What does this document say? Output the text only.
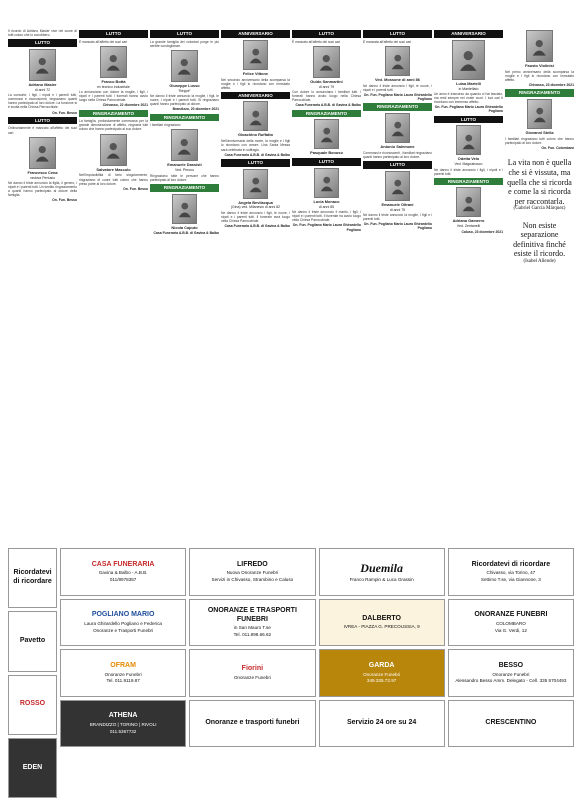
Il ricordo di Adriano Masier vive nel cuore di tutti coloro che lo conobbero.
LUTTO
Adriano Masier
di anni 72
La consorte, i figli, i nipoti e i parenti tutti, commossi e riconoscenti, ringraziano quanti hanno partecipato al loro dolore. La funzione si è svolta nella Chiesa Parrocchiale.
On. Fun. Besso
LUTTO
Ordinariamente è mancato all'affetto dei suoi cari
Francesco Cena
vedova Pertusio
Ne danno il triste annuncio la figlia, il genero, i nipoti e i parenti tutti. Un sentito ringraziamento a quanti hanno partecipato al dolore della famiglia.
On. Fun. Besso
LUTTO
È mancato all'affetto dei suoi cari
Franco Bottà
ex tecnico industriale
Lo annunciano con dolore la moglie, i figli, i nipoti e i parenti tutti. I funerali hanno avuto luogo nella Chiesa Parrocchiale.
Chivasso, 22 dicembre 2021
RINGRAZIAMENTO
La famiglia, profondamente commossa per la grande dimostrazione di affetto, ringrazia tutti coloro che hanno partecipato al suo dolore.
Salvatore Mascolo
Nell'impossibilità di farlo singolarmente, ringraziano di cuore tutti coloro che hanno preso parte al loro dolore.
On. Fun. Besso
LUTTO
La grande famiglia dei volontari porge le più sentite condoglianze.
Giuseppe Lusso
"Beppe"
Ne danno il triste annuncio la moglie, i figli, le nuore, i nipoti e i parenti tutti. Si ringraziano quanti hanno partecipato al dolore.
Brandizzo, 20 dicembre 2021
RINGRAZIAMENTO
I familiari ringraziano
Emanuele Dassisti
Ved. Pirroco
Ringraziano tutte le persone che hanno partecipato al loro dolore.
RINGRAZIAMENTO
Nicola Caputo
Casa Funeraria A.B.B. di Gavina & Balbo
ANNIVERSARIO
Felice Vittone
Nel secondo anniversario della scomparsa la moglie e i figli lo ricordano con immutato affetto.
ANNIVERSARIO
Gioachino Ruffatto
Nell'anniversario della morte, la moglie e i figli lo ricordano con amore. Una Santa Messa sarà celebrata in suffragio.
Casa Funeraria A.B.B. di Gavina & Balbo
LUTTO
Angela Bevilacqua
(Gina) ved. Milanesio di anni 82
Ne danno il triste annuncio i figli, le nuore, i nipoti e i parenti tutti. Il funerale avrà luogo nella Chiesa Parrocchiale.
Casa Funeraria A.B.B. di Gavina & Balbo
LUTTO
È mancato all'affetto dei suoi cari
Guido Sanmartini
di anni 79
Con dolore lo annunciano i familiari tutti. I funerali hanno avuto luogo nella Chiesa Parrocchiale.
Casa Funeraria A.B.B. di Gavina & Balbo
RINGRAZIAMENTO
Pasquale Bonuso
LUTTO
Lucia Monaco
di anni 85
Ne danno il triste annuncio il marito, i figli, i nipoti e i parenti tutti. Il funerale ha avuto luogo nella Chiesa Parrocchiale.
On. Fun. Pogliano Mario Laura Ghirardello Pogliano
LUTTO
È mancata all'affetto dei suoi cari
Ved. Mossone di anni 86
Ne danno il triste annuncio i figli, le nuore, i nipoti e i parenti tutti.
On. Fun. Pogliano Mario Laura Ghirardello Pogliano
RINGRAZIAMENTO
Antonio Salemone
Commossi e riconoscenti, i familiari ringraziano quanti hanno partecipato al loro dolore.
LUTTO
Emanuele Oltrani
di anni 75
Ne danno il triste annuncio la moglie, i figli e i parenti tutti.
On. Fun. Pogliano Mario Laura Ghirardello Pogliano
ANNIVERSARIO
Luisa Martelli
in Mantellato
Un anno è trascorso da quando ci hai lasciato, ma resti sempre nei nostri cuori. I tuoi cari ti ricordano con immenso affetto.
On. Fun. Pogliano Mario Laura Ghirardello Pogliano
LUTTO
Odetta Velo
Ved. Magnabosco
Ne danno il triste annuncio i figli, i nipoti e i parenti tutti.
RINGRAZIAMENTO
Adriana Gamerro
Ved. Zentanelli
Caluso, 23 dicembre 2021
Fausto Violinisi
Nel primo anniversario della scomparsa la moglie e i figli lo ricordano con immutato affetto.
Chivasso, 23 dicembre 2021
RINGRAZIAMENTO
Giovanni Stella
I familiari ringraziano tutti coloro che hanno partecipato al loro dolore.
On. Fun. Colombaro
La vita non è quella che si è vissuta, ma quella che si ricorda e come la si ricorda per raccontarla.
(Gabriel García Márquez)
Non esiste separazione definitiva finché esiste il ricordo.
(Isabel Allende)
Ricordatevi di ricordare
Pavetto
ROSSO
EDEN
CASA FUNERARIA
Gavina & Balbo - A.B.B.
011/8978357
LIFREDO
Nuova Onoranze Funebri
Servizi in Chivasso, Strambino e Caluso
Duemila
Franco Rampin & Luca Grassin
Ricordatevi di ricordare
Chivasso, via Torino, 47
Settimo T.se, via Giannone, 3
POGLIANO MARIO
Laura Ghirardello Pogliano e Federica
Onoranze e Trasporti Funebri
ONORANZE E TRASPORTI FUNEBRI
in San Mauro T.se
Tel. 011.898.66.62
DALBERTO
IVREA - PIAZZA G. PRECOUSSIA, 9
ONORANZE FUNEBRI
COLOMBARO
Via G. Verdi, 12
OFRAM
Onoranze Funebri
Tel. 011.9119.87
Fiorini
Onoranze Funebri
GARDA
Onoranze Funebri
349.335.72.97
BESSO
Onoranze Funebri
Alessandro Besso Amm. Delegato - Cell. 335 5704493
ATHENA
BRANDIZZO | TORINO | RIVOLI
011.5367732
Onoranze e trasporti funebri	Servizio 24 ore su 24	CRESCENTINO
